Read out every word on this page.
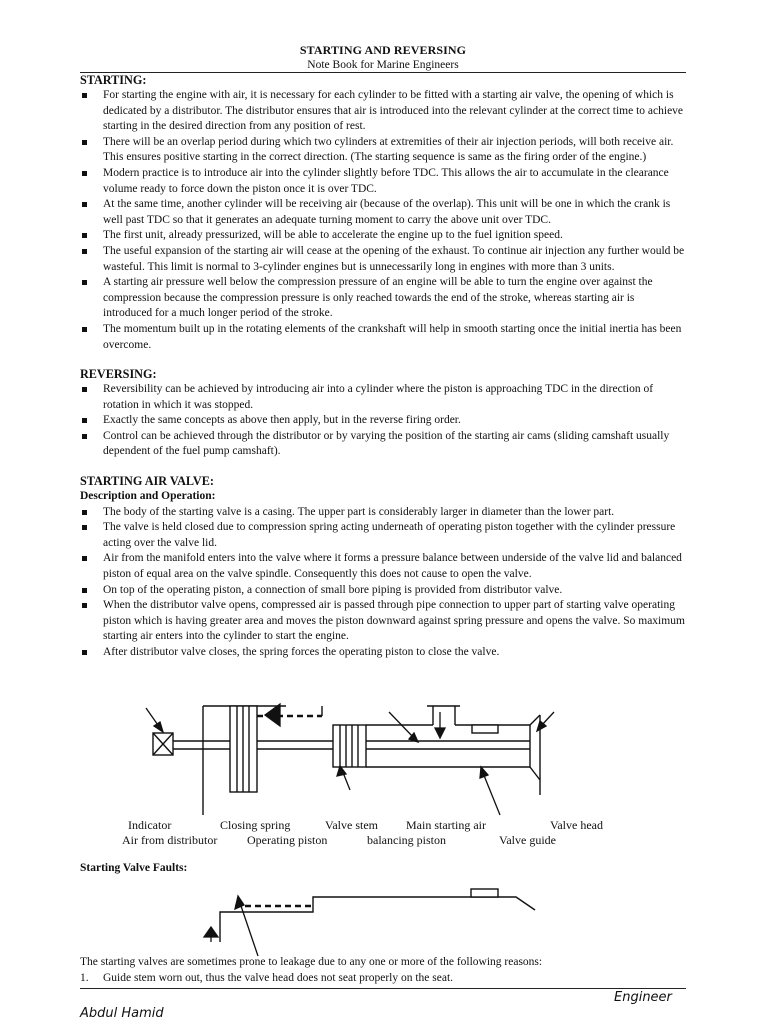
STARTING AND REVERSING
Note Book for Marine Engineers

STARTING:

For starting the engine with air, it is necessary for each cylinder to be fitted with a starting air valve, the opening of which is dedicated by a distributor. The distributor ensures that air is introduced into the relevant cylinder at the correct time to achieve starting in the desired direction from any position of rest.
There will be an overlap period during which two cylinders at extremities of their air injection periods, will both receive air. This ensures positive starting in the correct direction. (The starting sequence is same as the firing order of the engine.)
Modern practice is to introduce air into the cylinder slightly before TDC. This allows the air to accumulate in the clearance volume ready to force down the piston once it is over TDC.
At the same time, another cylinder will be receiving air (because of the overlap). This unit will be one in which the crank is well past TDC so that it generates an adequate turning moment to carry the above unit over TDC.
The first unit, already pressurized, will be able to accelerate the engine up to the fuel ignition speed.
The useful expansion of the starting air will cease at the opening of the exhaust. To continue air injection any further would be wasteful. This limit is normal to 3-cylinder engines but is unnecessarily long in engines with more than 3 units.
A starting air pressure well below the compression pressure of an engine will be able to turn the engine over against the compression because the compression pressure is only reached towards the end of the stroke, whereas starting air is introduced for a much longer period of the stroke.
The momentum built up in the rotating elements of the crankshaft will help in smooth starting once the initial inertia has been overcome.

REVERSING:

Reversibility can be achieved by introducing air into a cylinder where the piston is approaching TDC in the direction of rotation in which it was stopped.
Exactly the same concepts as above then apply, but in the reverse firing order.
Control can be achieved through the distributor or by varying the position of the starting air cams (sliding camshaft usually dependent of the fuel pump camshaft).

STARTING AIR VALVE:

Description and Operation:

The body of the starting valve is a casing. The upper part is considerably larger in diameter than the lower part.
The valve is held closed due to compression spring acting underneath of operating piston together with the cylinder pressure acting over the valve lid.
Air from the manifold enters into the valve where it forms a pressure balance between underside of the valve lid and balanced piston of equal area on the valve spindle. Consequently this does not cause to open the valve.
On top of the operating piston, a connection of small bore piping is provided from distributor valve.
When the distributor valve opens, compressed air is passed through pipe connection to upper part of starting valve operating piston which is having greater area and moves the piston downward against spring pressure and opens the valve. So maximum starting air enters into the cylinder to start the engine.
After distributor valve closes, the spring forces the operating piston to close the valve.
Indicator	Closing spring	Valve stem Main starting air	Valve head
Air from distributor Operating piston	balancing piston	Valve guide
Starting Valve Faults:
The starting valves are sometimes prone to leakage due to any one or more of the following reasons:
1. Guide stem worn out, thus the valve head does not seat properly on the seat.
Engineer
Abdul Hamid
